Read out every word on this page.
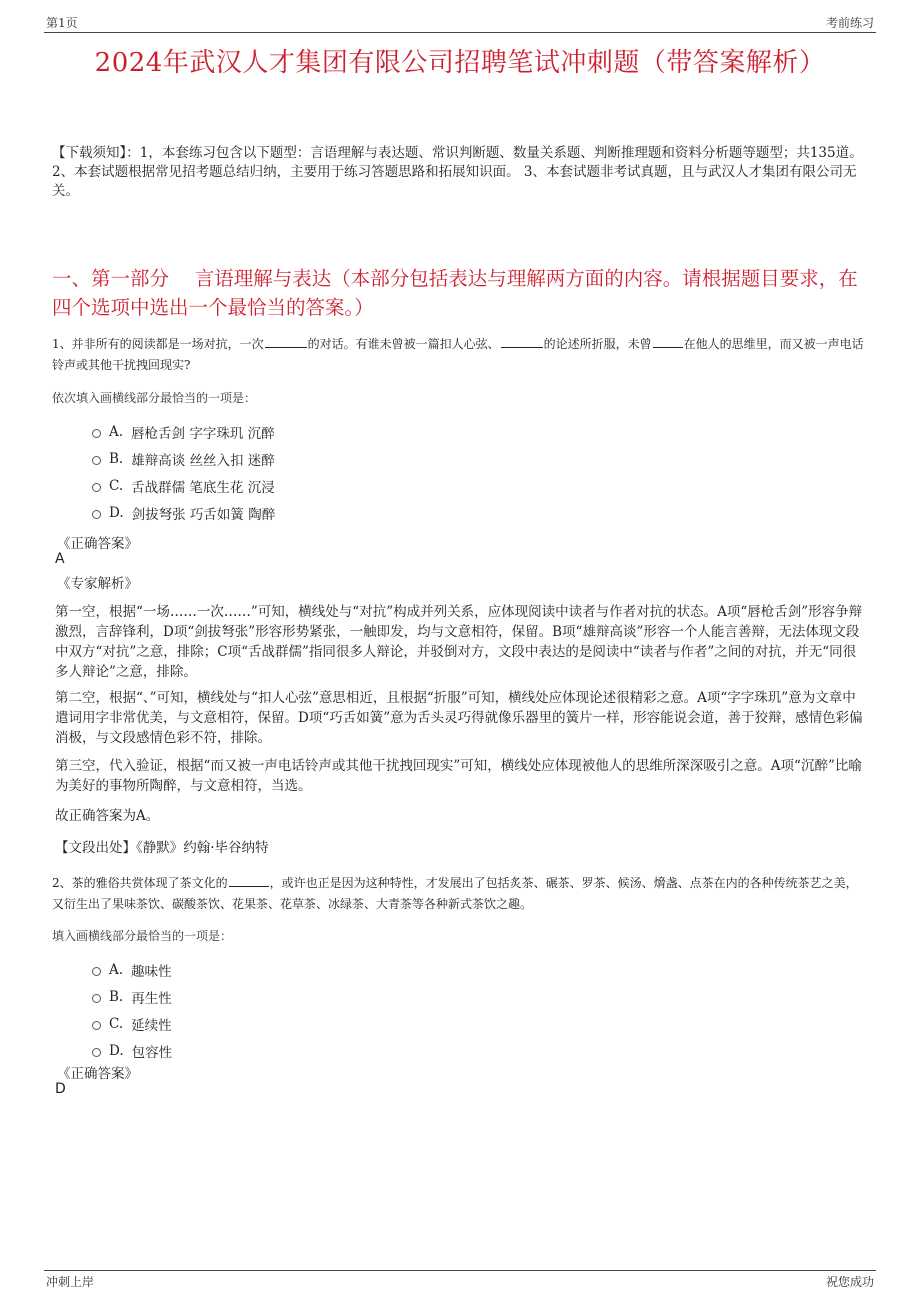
第1页	考前练习
2024年武汉人才集团有限公司招聘笔试冲刺题（带答案解析）
【下载须知】：1，本套练习包含以下题型：言语理解与表达题、常识判断题、数量关系题、判断推理题和资料分析题等题型；共135道。 2、本套试题根据常见招考题总结归纳，主要用于练习答题思路和拓展知识面。 3、本套试题非考试真题，且与武汉人才集团有限公司无关。
一、第一部分　 言语理解与表达（本部分包括表达与理解两方面的内容。请根据题目要求，在四个选项中选出一个最恰当的答案。）
1、并非所有的阅读都是一场对抗，一次	的对话。有谁未曾被一篇扣人心弦、	的论述所折服，未曾	在他人的思维里，而又被一声电话铃声或其他干扰拽回现实?
依次填入画横线部分最恰当的一项是：
A. 唇枪舌剑 字字珠玑 沉醉
B. 雄辩高谈 丝丝入扣 迷醉
C. 舌战群儒 笔底生花 沉浸
D. 剑拔弩张 巧舌如簧 陶醉
《正确答案》
A
《专家解析》
第一空，根据“一场……一次……”可知，横线处与“对抗”构成并列关系，应体现阅读中读者与作者对抗的状态。A项“唇枪舌剑”形容争辩激烈，言辞锋利，D项“剑拔弩张”形容形势紧张，一触即发，均与文意相符，保留。B项“雄辩高谈”形容一个人能言善辩，无法体现文段中双方“对抗”之意，排除；C项“舌战群儒”指同很多人辩论，并驳倒对方，文段中表达的是阅读中“读者与作者”之间的对抗，并无“同很多人辩论”之意，排除。
第二空，根据“、”可知，横线处与“扣人心弦”意思相近，且根据“折服”可知，横线处应体现论述很精彩之意。A项“字字珠玑”意为文章中遣词用字非常优美，与文意相符，保留。D项“巧舌如簧”意为舌头灵巧得就像乐器里的簧片一样，形容能说会道，善于狡辩，感情色彩偏消极，与文段感情色彩不符，排除。
第三空，代入验证，根据“而又被一声电话铃声或其他干扰拽回现实”可知，横线处应体现被他人的思维所深深吸引之意。A项“沉醉”比喻为美好的事物所陶醉，与文意相符，当选。
故正确答案为A。
【文段出处】《静默》约翰·毕谷纳特
2、茶的雅俗共赏体现了茶文化的	，或许也正是因为这种特性，才发展出了包括炙茶、碾茶、罗茶、候汤、熁盏、点茶在内的各种传统茶艺之美，又衍生出了果味茶饮、碳酸茶饮、花果茶、花草茶、冰绿茶、大青茶等各种新式茶饮之趣。
填入画横线部分最恰当的一项是：
A. 趣味性
B. 再生性
C. 延续性
D. 包容性
《正确答案》
D
冲刺上岸	祝您成功
